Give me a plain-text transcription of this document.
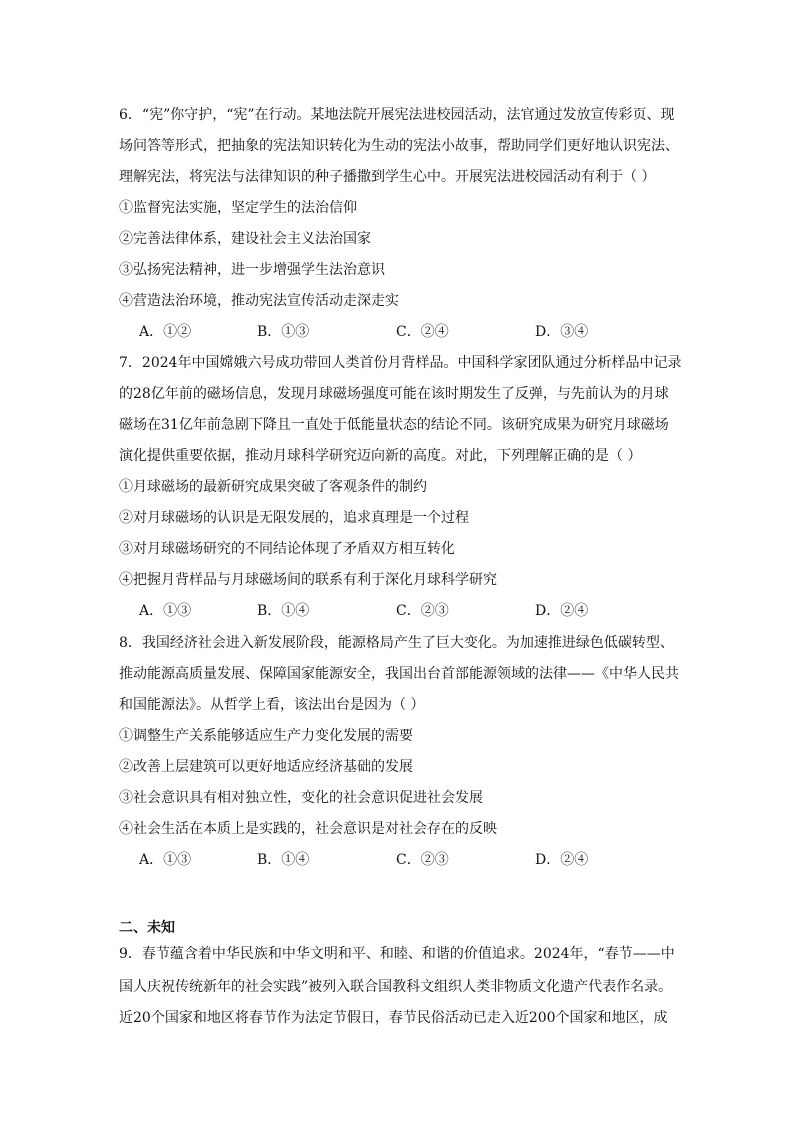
6．“宪”你守护，“宪”在行动。某地法院开展宪法进校园活动，法官通过发放宣传彩页、现
场问答等形式，把抽象的宪法知识转化为生动的宪法小故事，帮助同学们更好地认识宪法、
理解宪法，将宪法与法律知识的种子播撒到学生心中。开展宪法进校园活动有利于（ ）
①监督宪法实施，坚定学生的法治信仰
②完善法律体系，建设社会主义法治国家
③弘扬宪法精神，进一步增强学生法治意识
④营造法治环境，推动宪法宣传活动走深走实
A．①②	B．①③	C．②④	D．③④
7．2024年中国嫦娥六号成功带回人类首份月背样品。中国科学家团队通过分析样品中记录
的28亿年前的磁场信息，发现月球磁场强度可能在该时期发生了反弹，与先前认为的月球
磁场在31亿年前急剧下降且一直处于低能量状态的结论不同。该研究成果为研究月球磁场
演化提供重要依据，推动月球科学研究迈向新的高度。对此，下列理解正确的是（ ）
①月球磁场的最新研究成果突破了客观条件的制约
②对月球磁场的认识是无限发展的，追求真理是一个过程
③对月球磁场研究的不同结论体现了矛盾双方相互转化
④把握月背样品与月球磁场间的联系有利于深化月球科学研究
A．①③	B．①④	C．②③	D．②④
8．我国经济社会进入新发展阶段，能源格局产生了巨大变化。为加速推进绿色低碳转型、
推动能源高质量发展、保障国家能源安全，我国出台首部能源领域的法律——《中华人民共
和国能源法》。从哲学上看，该法出台是因为（ ）
①调整生产关系能够适应生产力变化发展的需要
②改善上层建筑可以更好地适应经济基础的发展
③社会意识具有相对独立性，变化的社会意识促进社会发展
④社会生活在本质上是实践的，社会意识是对社会存在的反映
A．①③	B．①④	C．②③	D．②④
二、未知
9．春节蕴含着中华民族和中华文明和平、和睦、和谐的价值追求。2024年，“春节——中
国人庆祝传统新年的社会实践”被列入联合国教科文组织人类非物质文化遗产代表作名录。
近20个国家和地区将春节作为法定节假日，春节民俗活动已走入近200个国家和地区，成
